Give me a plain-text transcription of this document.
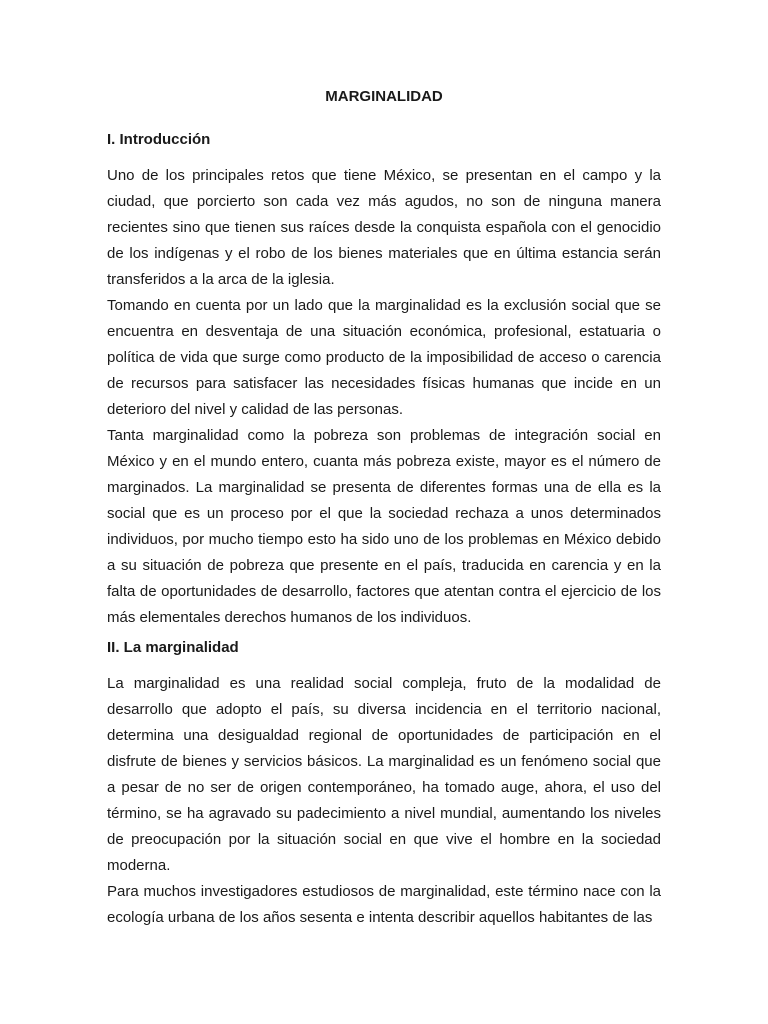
MARGINALIDAD
I. Introducción

Uno de los principales retos que tiene México, se presentan en el campo y la ciudad, que porcierto son cada vez más agudos, no son de ninguna manera recientes sino que tienen sus raíces desde la conquista española con el genocidio de los indígenas y el robo de los bienes materiales que en última estancia serán transferidos a la arca de la iglesia.

Tomando en cuenta por un lado que la marginalidad es la exclusión social que se encuentra en desventaja de una situación económica, profesional, estatuaria o política de vida que surge como producto de la imposibilidad de acceso o carencia de recursos para satisfacer las necesidades físicas humanas que incide en un deterioro del nivel y calidad de las personas.

Tanta marginalidad como la pobreza son problemas de integración social en México y en el mundo entero, cuanta más pobreza existe, mayor es el número de marginados. La marginalidad se presenta de diferentes formas una de ella es la social que es un proceso por el que la sociedad rechaza a unos determinados individuos, por mucho tiempo esto ha sido uno de los problemas en México debido a su situación de pobreza que presente en el país, traducida en carencia y en la falta de oportunidades de desarrollo, factores que atentan contra el ejercicio de los más elementales derechos humanos de los individuos.

II. La marginalidad

La marginalidad es una realidad social compleja, fruto de la modalidad de desarrollo que adopto el país, su diversa incidencia en el territorio nacional, determina una desigualdad regional de oportunidades de participación en el disfrute de bienes y servicios básicos. La marginalidad es un fenómeno social que a pesar de no ser de origen contemporáneo, ha tomado auge, ahora, el uso del término, se ha agravado su padecimiento a nivel mundial, aumentando los niveles de preocupación por la situación social en que vive el hombre en la sociedad moderna.

Para muchos investigadores estudiosos de marginalidad, este término nace con la ecología urbana de los años sesenta e intenta describir aquellos habitantes de las
